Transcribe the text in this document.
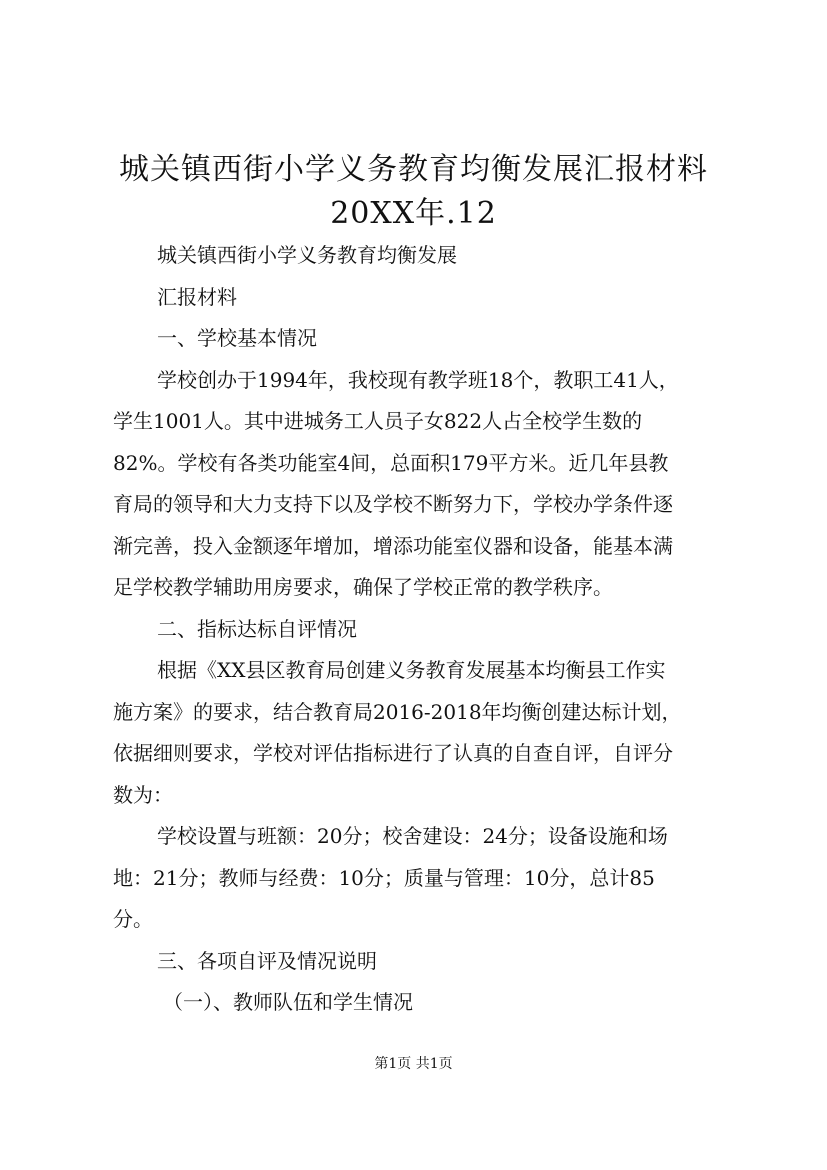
城关镇西街小学义务教育均衡发展汇报材料
20XX年.12

城关镇西街小学义务教育均衡发展

汇报材料

一、学校基本情况

学校创办于1994年，我校现有教学班18个，教职工41人，

学生1001人。其中进城务工人员子女822人占全校学生数的

82%。学校有各类功能室4间，总面积179平方米。近几年县教

育局的领导和大力支持下以及学校不断努力下，学校办学条件逐

渐完善，投入金额逐年增加，增添功能室仪器和设备，能基本满

足学校教学辅助用房要求，确保了学校正常的教学秩序。

二、指标达标自评情况

根据《XX县区教育局创建义务教育发展基本均衡县工作实

施方案》的要求，结合教育局2016-2018年均衡创建达标计划，

依据细则要求，学校对评估指标进行了认真的自查自评，自评分

数为：

学校设置与班额：20分；校舍建设：24分；设备设施和场

地：21分；教师与经费：10分；质量与管理：10分，总计85

分。

三、各项自评及情况说明

（一）、教师队伍和学生情况

第1页 共1页
